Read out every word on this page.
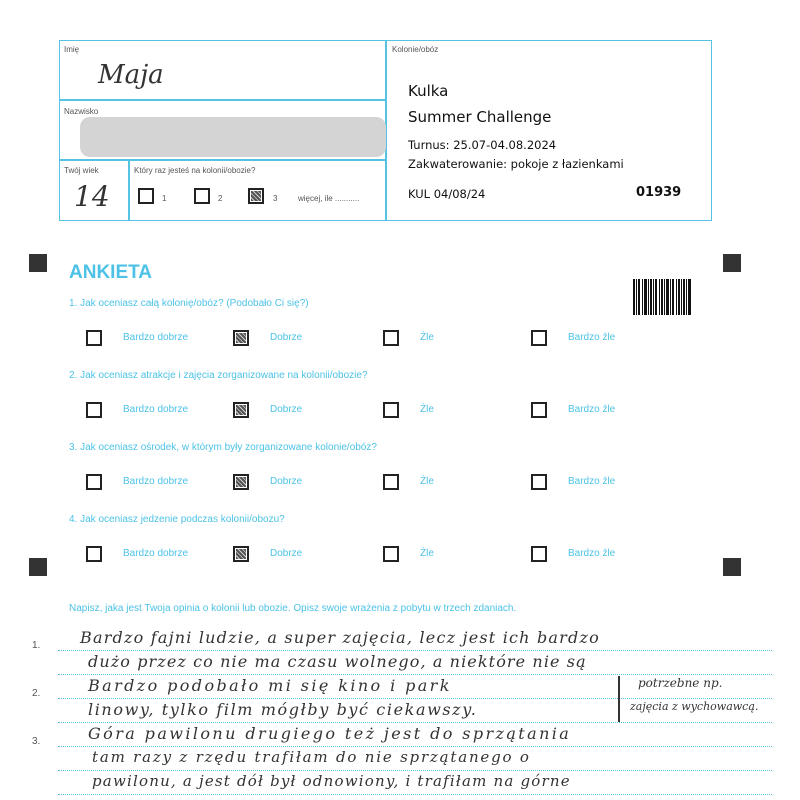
Imię
Maja
Nazwisko
Twój wiek
14
Który raz jesteś na kolonii/obozie?
1	2	3	więcej, ile ...........
Kolonie/obóz
Kulka
Summer Challenge
Turnus: 25.07-04.08.2024
Zakwaterowanie: pokoje z łazienkami
KUL 04/08/24	01939
ANKIETA
1. Jak oceniasz całą kolonię/obóz? (Podobało Ci się?)
Bardzo dobrze	Dobrze	Źle	Bardzo źle
2. Jak oceniasz atrakcje i zajęcia zorganizowane na kolonii/obozie?
Bardzo dobrze	Dobrze	Źle	Bardzo źle
3. Jak oceniasz ośrodek, w którym były zorganizowane kolonie/obóz?
Bardzo dobrze	Dobrze	Źle	Bardzo źle
4. Jak oceniasz jedzenie podczas kolonii/obozu?
Bardzo dobrze	Dobrze	Źle	Bardzo źle
Napisz, jaka jest Twoja opinia o kolonii lub obozie. Opisz swoje wrażenia z pobytu w trzech zdaniach.
1.
2.
3.
Bardzo fajni ludzie, a super zajęcia, lecz jest ich bardzo
dużo przez co nie ma czasu wolnego, a niektóre nie są
Bardzo podobało mi się kino i park
linowy, tylko film mógłby być ciekawszy.
Góra pawilonu drugiego też jest do sprzątania
tam razy z rzędu trafiłam do nie sprzątanego o
pawilonu, a jest dół był odnowiony, i trafiłam na górne
potrzebne np.
zajęcia z wychowawcą.
